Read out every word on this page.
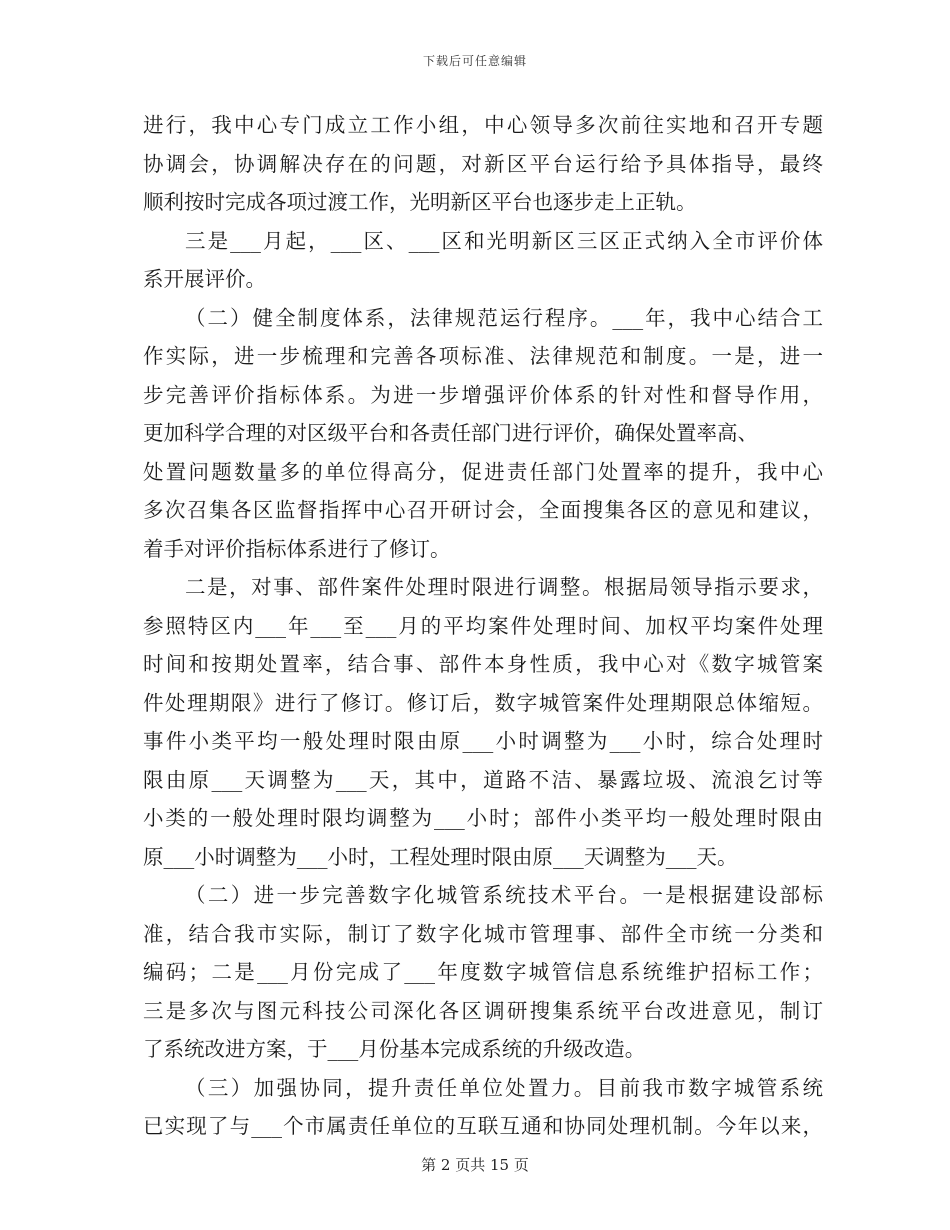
下载后可任意编辑
进行，我中心专门成立工作小组，中心领导多次前往实地和召开专题
协调会，协调解决存在的问题，对新区平台运行给予具体指导，最终
顺利按时完成各项过渡工作，光明新区平台也逐步走上正轨。
三是___月起，___区、___区和光明新区三区正式纳入全市评价体
系开展评价。
（二）健全制度体系，法律规范运行程序。___年，我中心结合工
作实际，进一步梳理和完善各项标准、法律规范和制度。一是，进一
步完善评价指标体系。为进一步增强评价体系的针对性和督导作用，
更加科学合理的对区级平台和各责任部门进行评价，确保处置率高、
处置问题数量多的单位得高分，促进责任部门处置率的提升，我中心
多次召集各区监督指挥中心召开研讨会，全面搜集各区的意见和建议，
着手对评价指标体系进行了修订。
二是，对事、部件案件处理时限进行调整。根据局领导指示要求，
参照特区内___年___至___月的平均案件处理时间、加权平均案件处理
时间和按期处置率，结合事、部件本身性质，我中心对《数字城管案
件处理期限》进行了修订。修订后，数字城管案件处理期限总体缩短。
事件小类平均一般处理时限由原___小时调整为___小时，综合处理时
限由原___天调整为___天，其中，道路不洁、暴露垃圾、流浪乞讨等
小类的一般处理时限均调整为___小时；部件小类平均一般处理时限由
原___小时调整为___小时，工程处理时限由原___天调整为___天。
（二）进一步完善数字化城管系统技术平台。一是根据建设部标
准，结合我市实际，制订了数字化城市管理事、部件全市统一分类和
编码；二是___月份完成了___年度数字城管信息系统维护招标工作；
三是多次与图元科技公司深化各区调研搜集系统平台改进意见，制订
了系统改进方案，于___月份基本完成系统的升级改造。
（三）加强协同，提升责任单位处置力。目前我市数字城管系统
已实现了与___个市属责任单位的互联互通和协同处理机制。今年以来，
第 2 页共 15 页
